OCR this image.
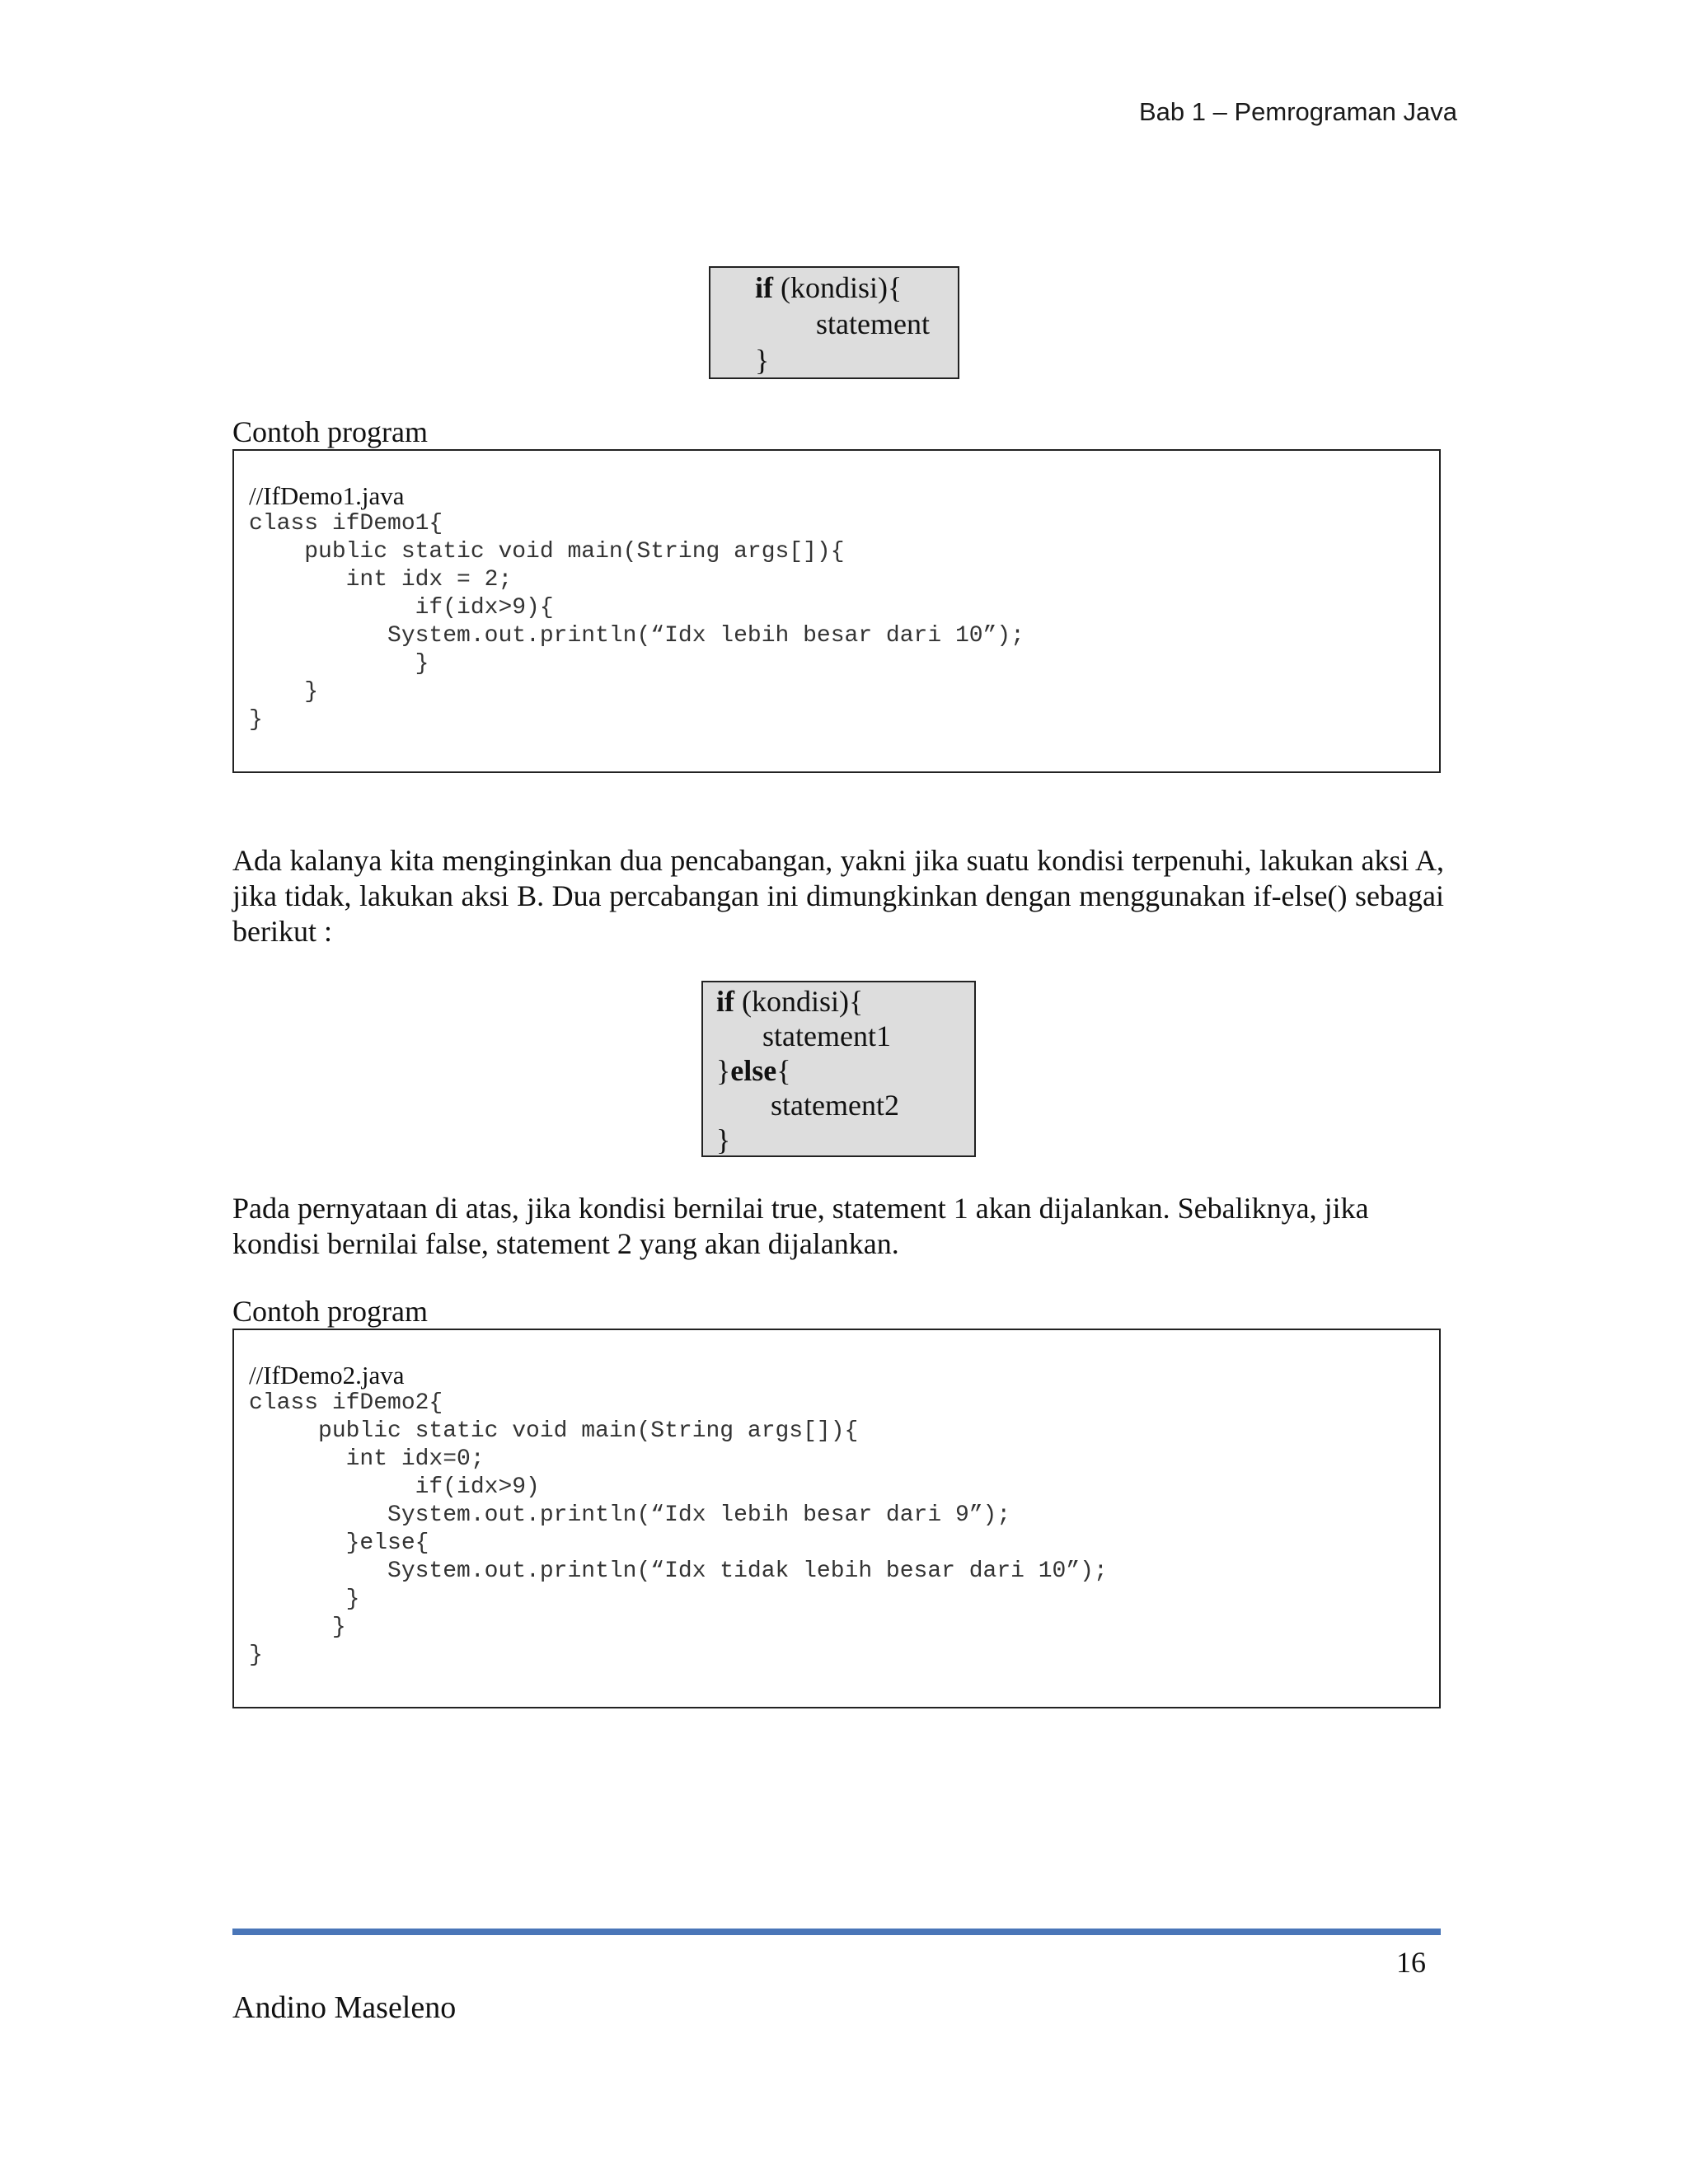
Bab 1 – Pemrograman Java
if (kondisi){
statement
}
Contoh program
//IfDemo1.java
class ifDemo1{
public static void main(String args[]){
int idx = 2;
if(idx>9){
System.out.println(“Idx lebih besar dari 10”);
}
}
}
Ada kalanya kita menginginkan dua pencabangan, yakni jika suatu kondisi terpenuhi, lakukan aksi A, jika tidak, lakukan aksi B. Dua percabangan ini dimungkinkan dengan menggunakan if-else() sebagai berikut :
if (kondisi){
statement1
}else{
statement2
}
Pada pernyataan di atas, jika kondisi bernilai true, statement 1 akan dijalankan. Sebaliknya, jika kondisi bernilai false, statement 2 yang akan dijalankan.
Contoh program
//IfDemo2.java
class ifDemo2{
public static void main(String args[]){
int idx=0;
if(idx>9)
System.out.println(“Idx lebih besar dari 9”);
}else{
System.out.println(“Idx tidak lebih besar dari 10”);
}
}
}
16
Andino Maseleno
